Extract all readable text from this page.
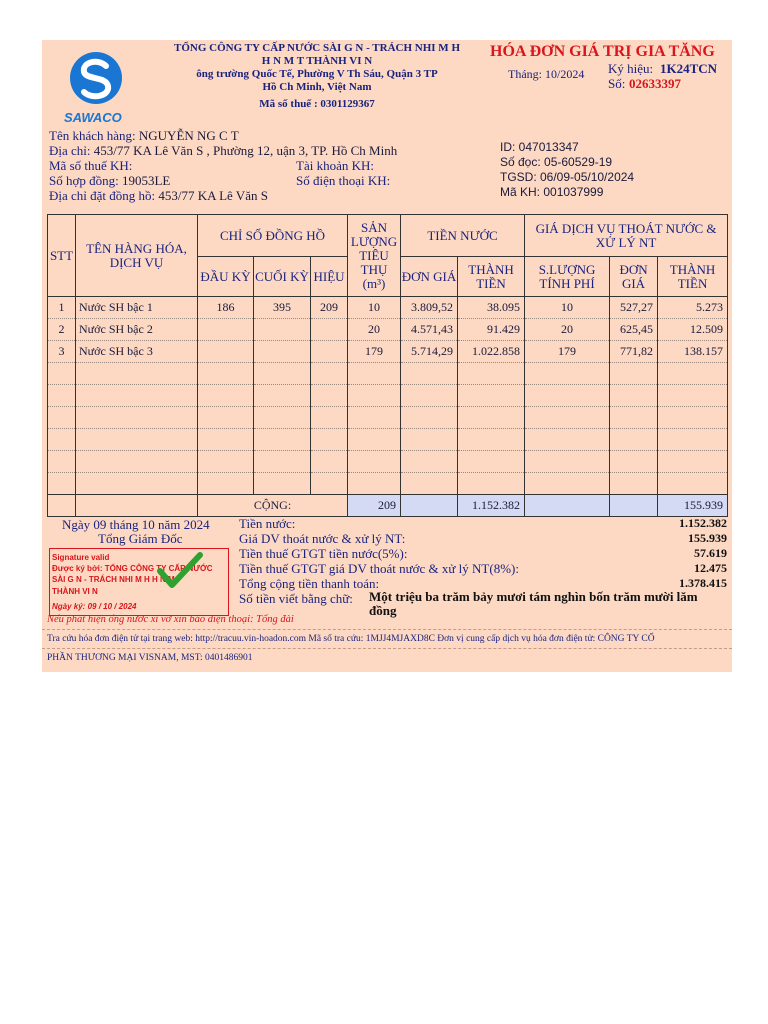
SAWACO
TỔNG CÔNG TY CẤP NƯỚC SÀI G N - TRÁCH NHI M H
H N M T THÀNH VI N
ông trường Quốc Tế, Phường V Th Sáu, Quận 3 TP
Hồ Ch Minh, Việt Nam
Mã số thuế : 0301129367
HÓA ĐƠN GIÁ TRỊ GIA TĂNG
Tháng: 10/2024 Ký hiệu: 1K24TCN
Số: 02633397
Tên khách hàng: NGUYỄN NG C T
Địa chỉ: 453/77 KA Lê Văn S , Phường 12, uận 3, TP. Hồ Ch Minh
Mã số thuế KH:
Số hợp đồng: 19053LE
Địa chỉ đặt đồng hồ: 453/77 KA Lê Văn S
Tài khoản KH:
Số điện thoại KH:
ID: 047013347
Số đọc: 05-60529-19
TGSD: 06/09-05/10/2024
Mã KH: 001037999
STT	TÊN HÀNG HÓA, DỊCH VỤ	CHỈ SỐ ĐỒNG HỒ			SẢN LƯỢNG TIÊU THỤ (m³)	TIỀN NƯỚC		GIÁ DỊCH VỤ THOÁT NƯỚC & XỬ LÝ NT		
		ĐẦU KỲ	CUỐI KỲ	HIỆU		ĐƠN GIÁ	THÀNH TIỀN	S.LƯỢNG TÍNH PHÍ	ĐƠN GIÁ	THÀNH TIỀN
1	Nước SH bậc 1	186	395	209	10	3.809,52	38.095	10	527,27	5.273
2	Nước SH bậc 2				20	4.571,43	91.429	20	625,45	12.509
3	Nước SH bậc 3				179	5.714,29	1.022.858	179	771,82	138.157

		CỘNG:			209		1.152.382			155.939
Ngày 09 tháng 10 năm 2024
Tổng Giám Đốc
Signature valid
Được ký bởi: TỔNG CÔNG TY CẤP NƯỚC
SÀI G N - TRÁCH NHI M H H N M
THÀNH VI N
Ngày ký: 09 / 10 / 2024
Tiền nước:	1.152.382
Giá DV thoát nước & xử lý NT:	155.939
Tiền thuế GTGT tiền nước(5%):	57.619
Tiền thuế GTGT giá DV thoát nước & xử lý NT(8%):	12.475
Tổng cộng tiền thanh toán:	1.378.415
Số tiền viết bằng chữ: Một triệu ba trăm bảy mươi tám nghìn bốn trăm mười lăm đồng
Nếu phát hiện ống nước xì vỡ xin báo điện thoại: Tổng đài
Tra cứu hóa đơn điện tử tại trang web: http://tracuu.vin-hoadon.com Mã số tra cứu: 1MJJ4MJAXD8C Đơn vị cung cấp dịch vụ hóa đơn điện tử: CÔNG TY CỔ
PHẦN THƯƠNG MẠI VISNAM, MST: 0401486901
